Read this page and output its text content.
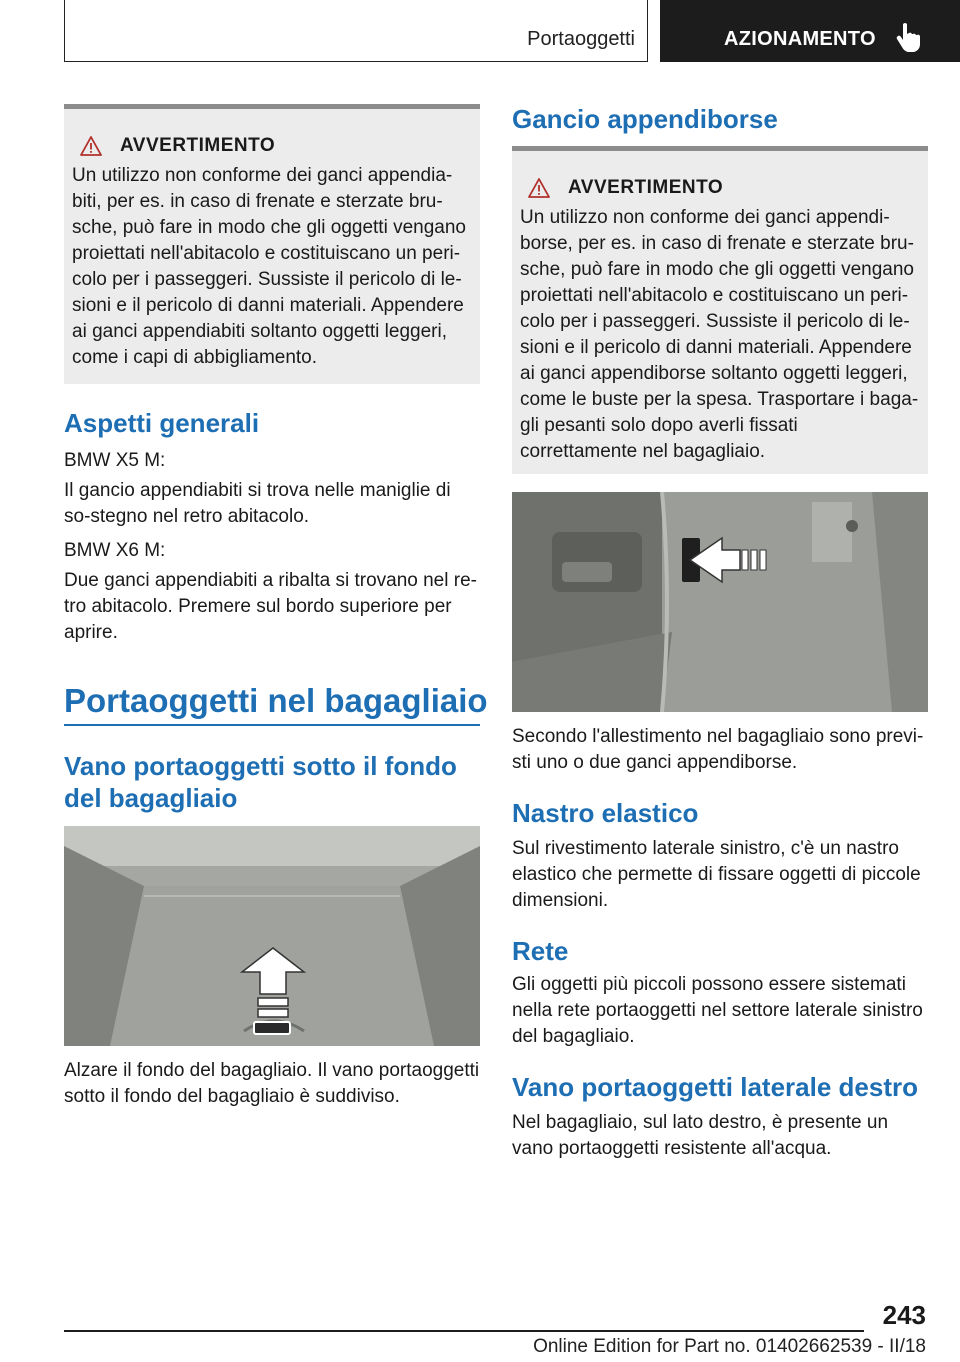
Portaoggetti	AZIONAMENTO
AVVERTIMENTO

Un utilizzo non conforme dei ganci appendia-biti, per es. in caso di frenate e sterzate bru-sche, può fare in modo che gli oggetti vengano proiettati nell'abitacolo e costituiscano un peri-colo per i passeggeri. Sussiste il pericolo di le-sioni e il pericolo di danni materiali. Appendere ai ganci appendiabiti soltanto oggetti leggeri, come i capi di abbigliamento.

Aspetti generali

BMW X5 M:

Il gancio appendiabiti si trova nelle maniglie di so-stegno nel retro abitacolo.

BMW X6 M:

Due ganci appendiabiti a ribalta si trovano nel re-tro abitacolo. Premere sul bordo superiore per aprire.

Portaoggetti nel bagagliaio
Vano portaoggetti sotto il fondo del bagagliaio

Alzare il fondo del bagagliaio. Il vano portaoggetti sotto il fondo del bagagliaio è suddiviso.

Gancio appendiborse
AVVERTIMENTO

Un utilizzo non conforme dei ganci appendi-borse, per es. in caso di frenate e sterzate bru-sche, può fare in modo che gli oggetti vengano proiettati nell'abitacolo e costituiscano un peri-colo per i passeggeri. Sussiste il pericolo di le-sioni e il pericolo di danni materiali. Appendere ai ganci appendiborse soltanto oggetti leggeri, come le buste per la spesa. Trasportare i baga-gli pesanti solo dopo averli fissati correttamente nel bagagliaio.

Secondo l'allestimento nel bagagliaio sono previ-sti uno o due ganci appendiborse.

Nastro elastico

Sul rivestimento laterale sinistro, c'è un nastro elastico che permette di fissare oggetti di piccole dimensioni.

Rete

Gli oggetti più piccoli possono essere sistemati nella rete portaoggetti nel settore laterale sinistro del bagagliaio.

Vano portaoggetti laterale destro

Nel bagagliaio, sul lato destro, è presente un vano portaoggetti resistente all'acqua.

243
Online Edition for Part no. 01402662539 - II/18
